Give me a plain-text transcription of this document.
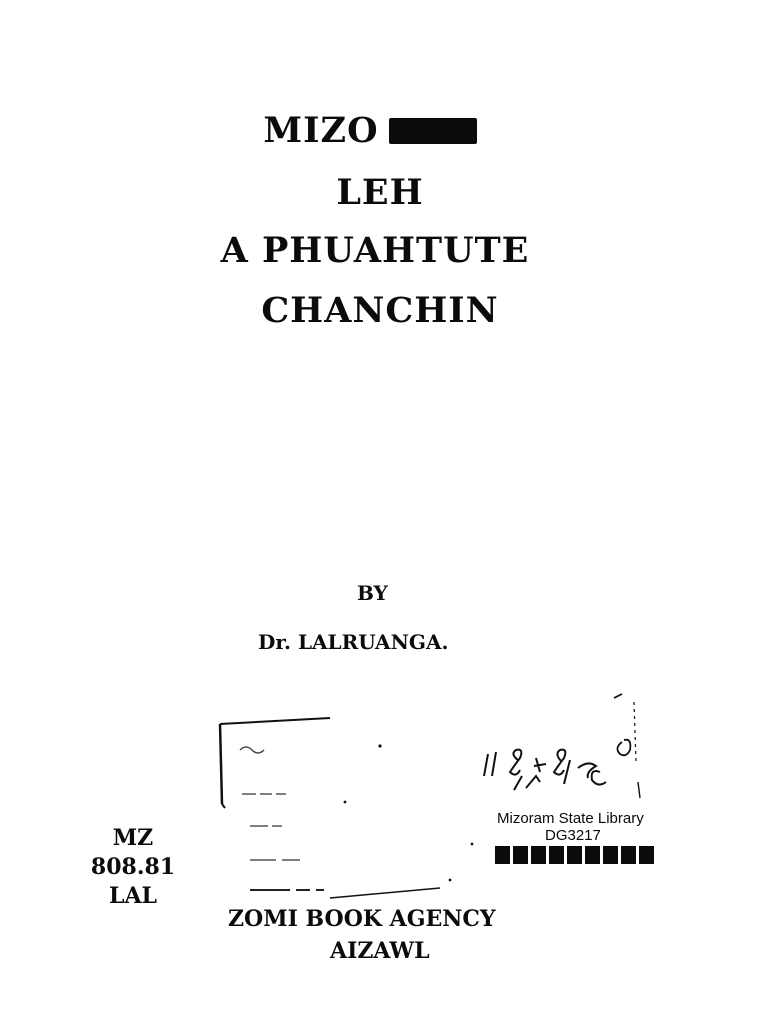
MIZO
LEH
A PHUAHTUTE
CHANCHIN
BY
Dr. LALRUANGA.
MZ
808.81
LAL
Mizoram State Library
DG3217
ZOMI BOOK AGENCY
AIZAWL
